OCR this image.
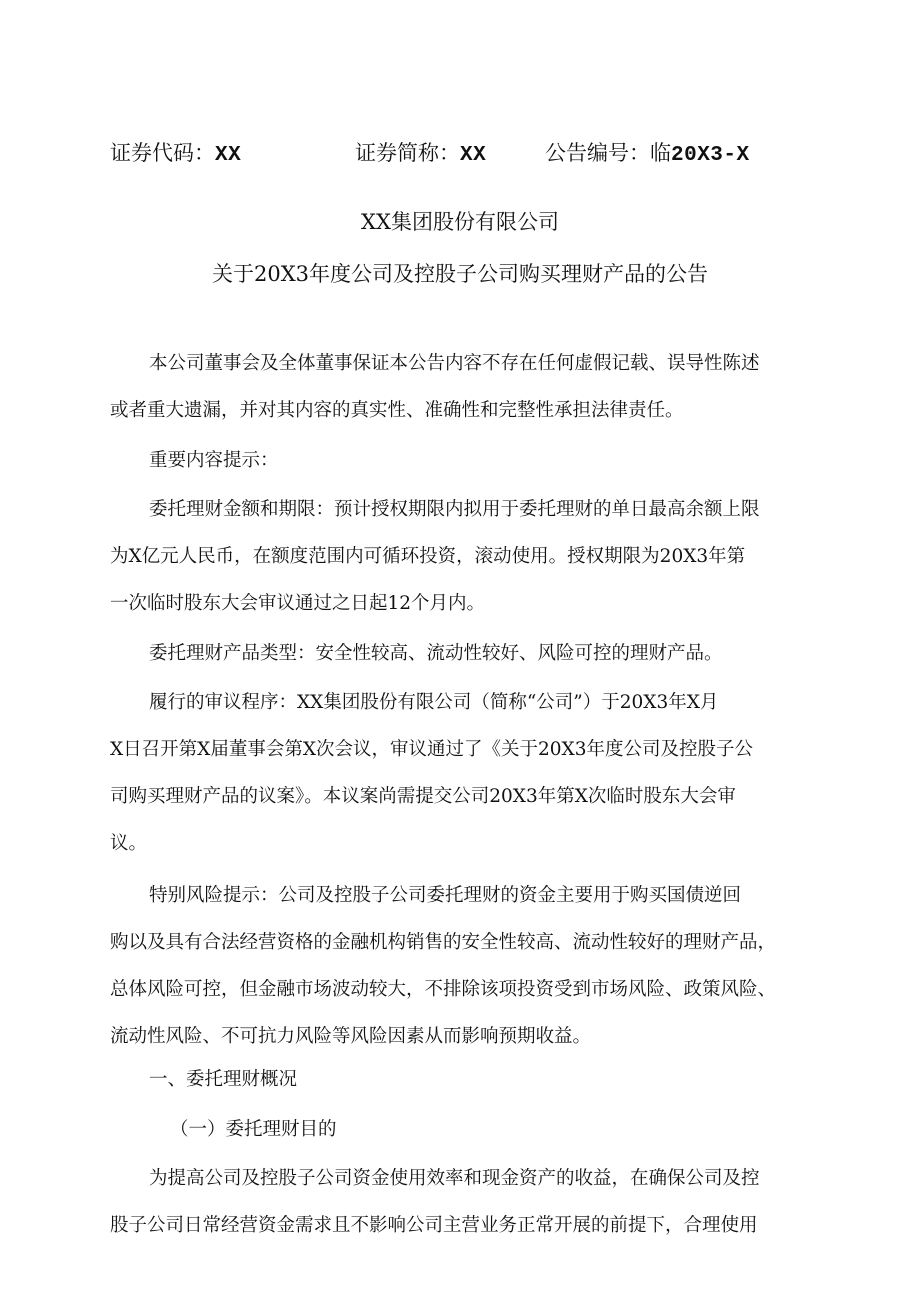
证券代码：XX	证券简称：XX	公告编号：临20X3-X
XX集团股份有限公司
关于20X3年度公司及控股子公司购买理财产品的公告
本公司董事会及全体董事保证本公告内容不存在任何虚假记载、误导性陈述
或者重大遗漏，并对其内容的真实性、准确性和完整性承担法律责任。
重要内容提示：
委托理财金额和期限：预计授权期限内拟用于委托理财的单日最高余额上限
为X亿元人民币，在额度范围内可循环投资，滚动使用。授权期限为20X3年第
一次临时股东大会审议通过之日起12个月内。
委托理财产品类型：安全性较高、流动性较好、风险可控的理财产品。
履行的审议程序：XX集团股份有限公司（简称“公司”）于20X3年X月
X日召开第X届董事会第X次会议，审议通过了《关于20X3年度公司及控股子公
司购买理财产品的议案》。本议案尚需提交公司20X3年第X次临时股东大会审
议。
特别风险提示：公司及控股子公司委托理财的资金主要用于购买国债逆回
购以及具有合法经营资格的金融机构销售的安全性较高、流动性较好的理财产品，
总体风险可控，但金融市场波动较大，不排除该项投资受到市场风险、政策风险、
流动性风险、不可抗力风险等风险因素从而影响预期收益。
一、委托理财概况
（一）委托理财目的
为提高公司及控股子公司资金使用效率和现金资产的收益，在确保公司及控
股子公司日常经营资金需求且不影响公司主营业务正常开展的前提下，合理使用
